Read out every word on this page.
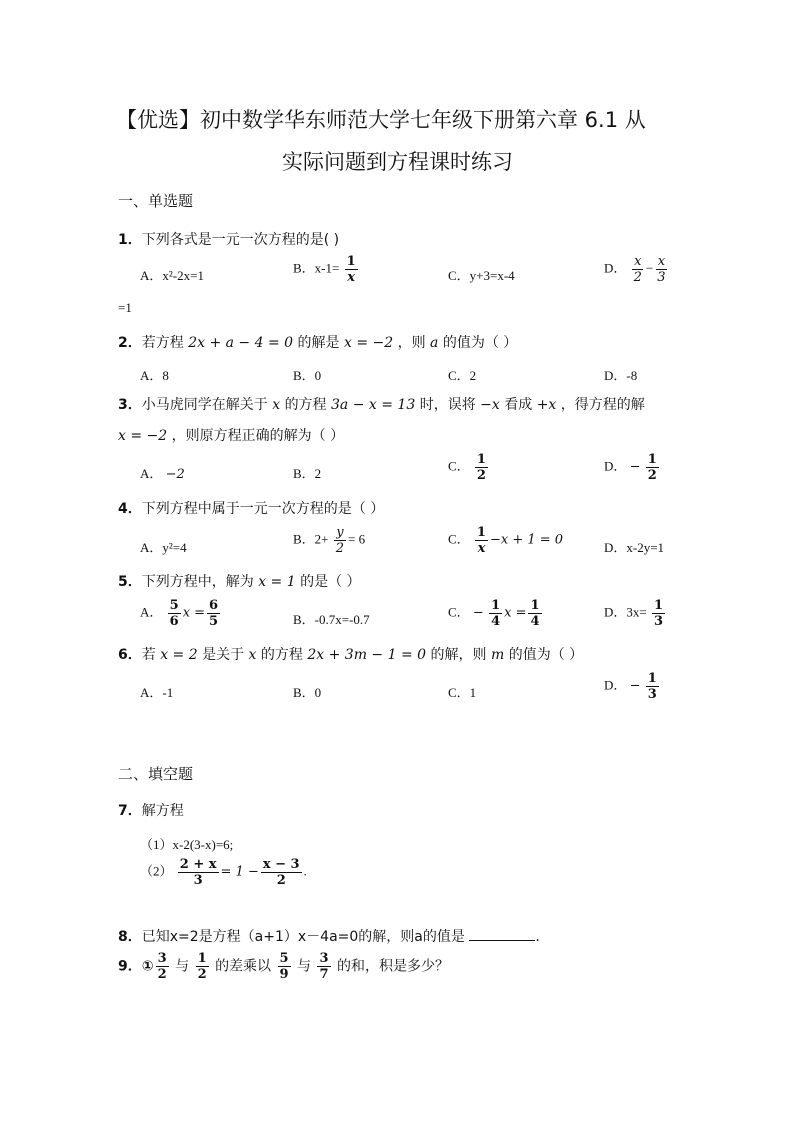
【优选】初中数学华东师范大学七年级下册第六章 6.1 从
实际问题到方程课时练习
一、单选题
1．下列各式是一元一次方程的是( )
A．x²-2x=1
B．$x-1= \frac{1}{x}$	C．y+3=x-4
D． $\frac{x}{2} - \frac{x}{3}$
=1
2．若方程 2x + a − 4 = 0 的解是 x = −2 ，则 a 的值为（ ）
A．8	B．0	C．2	D．-8
3．小马虎同学在解关于 x 的方程 3a − x = 13 时，误将 −x 看成 +x ，得方程的解
x = −2 ，则原方程正确的解为（ ）
A． −2	B．2
C． $\frac{1}{2}$	D． − $\frac{1}{2}$
4．下列方程中属于一元一次方程的是（ ）
A．y²=4
B．$2+ \frac{y}{2} = 6$	C． $\frac{1}{x} -x + 1 = 0$
D．x-2y=1
5．下列方程中，解为 x = 1 的是（ ）
A． $\frac{5}{6}$ $x = \frac{6}{5}$	B．-0.7x=-0.7
C． − $\frac{1}{4}$ $x = \frac{1}{4}$	D．$3x= \frac{1}{3}$
6．若 x = 2 是关于 x 的方程 2x + 3m − 1 = 0 的解，则 m 的值为（ ）
A．-1	B．0	C．1
D． − $\frac{1}{3}$
二、填空题
7．解方程
（1）x-2(3-x)=6;
$(2) \frac{2 + x}{3} = 1 - \frac{x - 3}{2}$ .
8．已知x=2是方程（a+1）x－4a=0的解，则a的值是	.
9．① $\frac{3}{2}$ 与 $\frac{1}{2}$ 的差乘以 $\frac{5}{9}$ 与 $\frac{3}{7}$ 的和，积是多少？
